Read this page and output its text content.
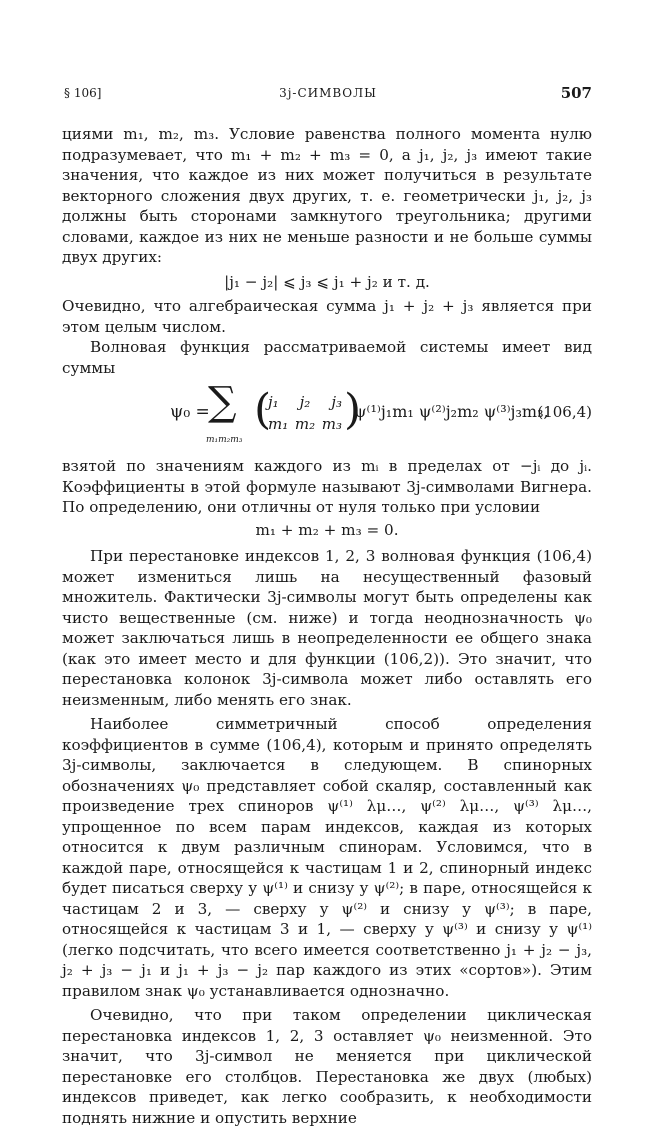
§ 106]	3j-СИМВОЛЫ	507

циями m₁, m₂, m₃. Условие равенства полного момента нулю подразумевает, что m₁ + m₂ + m₃ = 0, а j₁, j₂, j₃ имеют такие значения, что каждое из них может получиться в результате векторного сложения двух других, т. е. геометрически j₁, j₂, j₃ должны быть сторонами замкнутого треугольника; другими словами, каждое из них не меньше разности и не больше суммы двух других:

|j₁ − j₂| ⩽ j₃ ⩽ j₁ + j₂ и т. д.

Очевидно, что алгебраическая сумма j₁ + j₂ + j₃ является при этом целым числом.

Волновая функция рассматриваемой системы имеет вид суммы

ψ₀ =
∑
m₁m₂m₃
(
j₁ j₂ j₃
m₁ m₂ m₃ )
ψ⁽¹⁾j₁m₁ ψ⁽²⁾j₂m₂ ψ⁽³⁾j₃m₃,
(106,4)

взятой по значениям каждого из mᵢ в пределах от −jᵢ до jᵢ. Коэффициенты в этой формуле называют 3j-символами Вигнера. По определению, они отличны от нуля только при условии

m₁ + m₂ + m₃ = 0.

При перестановке индексов 1, 2, 3 волновая функция (106,4) может измениться лишь на несущественный фазовый множитель. Фактически 3j-символы могут быть определены как чисто вещественные (см. ниже) и тогда неоднозначность ψ₀ может заключаться лишь в неопределенности ее общего знака (как это имеет место и для функции (106,2)). Это значит, что перестановка колонок 3j-символа может либо оставлять его неизменным, либо менять его знак.

Наиболее симметричный способ определения коэффициентов в сумме (106,4), которым и принято определять 3j-символы, заключается в следующем. В спинорных обозначениях ψ₀ представляет собой скаляр, составленный как произведение трех спиноров ψ⁽¹⁾ λμ…, ψ⁽²⁾ λμ…, ψ⁽³⁾ λμ…, упрощенное по всем парам индексов, каждая из которых относится к двум различным спинорам. Условимся, что в каждой паре, относящейся к частицам 1 и 2, спинорный индекс будет писаться сверху у ψ⁽¹⁾ и снизу у ψ⁽²⁾; в паре, относящейся к частицам 2 и 3, — сверху у ψ⁽²⁾ и снизу у ψ⁽³⁾; в паре, относящейся к частицам 3 и 1, — сверху у ψ⁽³⁾ и снизу у ψ⁽¹⁾ (легко подсчитать, что всего имеется соответственно j₁ + j₂ − j₃, j₂ + j₃ − j₁ и j₁ + j₃ − j₂ пар каждого из этих «сортов»). Этим правилом знак ψ₀ устанавливается однозначно.

Очевидно, что при таком определении циклическая перестановка индексов 1, 2, 3 оставляет ψ₀ неизменной. Это значит, что 3j-символ не меняется при циклической перестановке его столбцов. Перестановка же двух (любых) индексов приведет, как легко сообразить, к необходимости поднять нижние и опустить верхние
